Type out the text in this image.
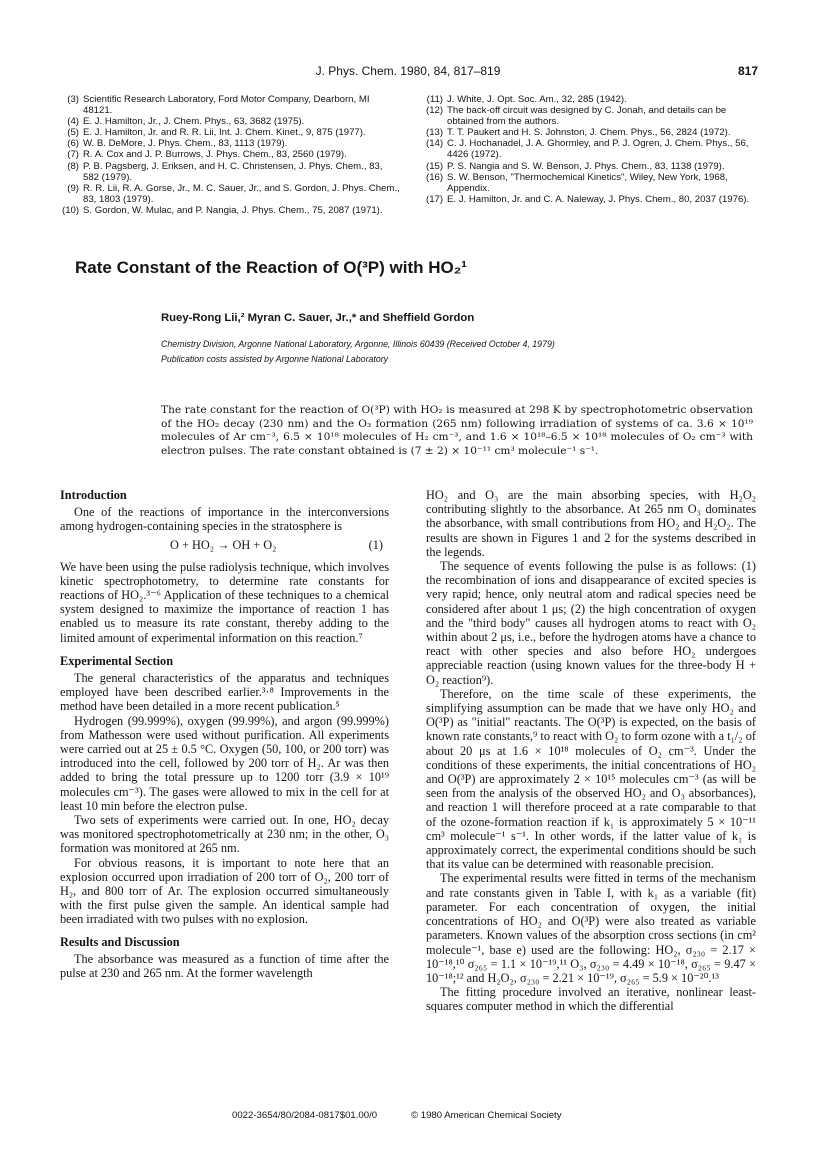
J. Phys. Chem. 1980, 84, 817–819	817
(3) Scientific Research Laboratory, Ford Motor Company, Dearborn, MI 48121.
(4) E. J. Hamilton, Jr., J. Chem. Phys., 63, 3682 (1975).
(5) E. J. Hamilton, Jr. and R. R. Lii, Int. J. Chem. Kinet., 9, 875 (1977).
(6) W. B. DeMore, J. Phys. Chem., 83, 1113 (1979).
(7) R. A. Cox and J. P. Burrows, J. Phys. Chem., 83, 2560 (1979).
(8) P. B. Pagsberg, J. Eriksen, and H. C. Christensen, J. Phys. Chem., 83, 582 (1979).
(9) R. R. Lii, R. A. Gorse, Jr., M. C. Sauer, Jr., and S. Gordon, J. Phys. Chem., 83, 1803 (1979).
(10) S. Gordon, W. Mulac, and P. Nangia, J. Phys. Chem., 75, 2087 (1971).
(11) J. White, J. Opt. Soc. Am., 32, 285 (1942).
(12) The back-off circuit was designed by C. Jonah, and details can be obtained from the authors.
(13) T. T. Paukert and H. S. Johnston, J. Chem. Phys., 56, 2824 (1972).
(14) C. J. Hochanadel, J. A. Ghormley, and P. J. Ogren, J. Chem. Phys., 56, 4426 (1972).
(15) P. S. Nangia and S. W. Benson, J. Phys. Chem., 83, 1138 (1979).
(16) S. W. Benson, "Thermochemical Kinetics", Wiley, New York, 1968, Appendix.
(17) E. J. Hamilton, Jr. and C. A. Naleway, J. Phys. Chem., 80, 2037 (1976).
Rate Constant of the Reaction of O(³P) with HO₂¹
Ruey-Rong Lii,² Myran C. Sauer, Jr.,* and Sheffield Gordon
Chemistry Division, Argonne National Laboratory, Argonne, Illinois 60439 (Received October 4, 1979)
Publication costs assisted by Argonne National Laboratory
The rate constant for the reaction of O(³P) with HO₂ is measured at 298 K by spectrophotometric observation of the HO₂ decay (230 nm) and the O₃ formation (265 nm) following irradiation of systems of ca. 3.6 × 10¹⁹ molecules of Ar cm⁻³, 6.5 × 10¹⁸ molecules of H₂ cm⁻³, and 1.6 × 10¹⁸–6.5 × 10¹⁸ molecules of O₂ cm⁻³ with electron pulses. The rate constant obtained is (7 ± 2) × 10⁻¹¹ cm³ molecule⁻¹ s⁻¹.
Introduction

One of the reactions of importance in the interconversions among hydrogen-containing species in the stratosphere is

O + HO₂ → OH + O₂	(1)

We have been using the pulse radiolysis technique, which involves kinetic spectrophotometry, to determine rate constants for reactions of HO₂.³⁻⁶ Application of these techniques to a chemical system designed to maximize the importance of reaction 1 has enabled us to measure its rate constant, thereby adding to the limited amount of experimental information on this reaction.⁷

Experimental Section

The general characteristics of the apparatus and techniques employed have been described earlier.³·⁸ Improvements in the method have been detailed in a more recent publication.⁵

Hydrogen (99.999%), oxygen (99.99%), and argon (99.999%) from Mathesson were used without purification. All experiments were carried out at 25 ± 0.5 °C. Oxygen (50, 100, or 200 torr) was introduced into the cell, followed by 200 torr of H₂. Ar was then added to bring the total pressure up to 1200 torr (3.9 × 10¹⁹ molecules cm⁻³). The gases were allowed to mix in the cell for at least 10 min before the electron pulse.

Two sets of experiments were carried out. In one, HO₂ decay was monitored spectrophotometrically at 230 nm; in the other, O₃ formation was monitored at 265 nm.

For obvious reasons, it is important to note here that an explosion occurred upon irradiation of 200 torr of O₂, 200 torr of H₂, and 800 torr of Ar. The explosion occurred simultaneously with the first pulse given the sample. An identical sample had been irradiated with two pulses with no explosion.

Results and Discussion

The absorbance was measured as a function of time after the pulse at 230 and 265 nm. At the former wavelength

HO₂ and O₃ are the main absorbing species, with H₂O₂ contributing slightly to the absorbance. At 265 nm O₃ dominates the absorbance, with small contributions from HO₂ and H₂O₂. The results are shown in Figures 1 and 2 for the systems described in the legends.

The sequence of events following the pulse is as follows: (1) the recombination of ions and disappearance of excited species is very rapid; hence, only neutral atom and radical species need be considered after about 1 μs; (2) the high concentration of oxygen and the "third body" causes all hydrogen atoms to react with O₂ within about 2 μs, i.e., before the hydrogen atoms have a chance to react with other species and also before HO₂ undergoes appreciable reaction (using known values for the three-body H + O₂ reaction⁹).

Therefore, on the time scale of these experiments, the simplifying assumption can be made that we have only HO₂ and O(³P) as "initial" reactants. The O(³P) is expected, on the basis of known rate constants,⁹ to react with O₂ to form ozone with a t₁/₂ of about 20 μs at 1.6 × 10¹⁸ molecules of O₂ cm⁻³. Under the conditions of these experiments, the initial concentrations of HO₂ and O(³P) are approximately 2 × 10¹⁵ molecules cm⁻³ (as will be seen from the analysis of the observed HO₂ and O₃ absorbances), and reaction 1 will therefore proceed at a rate comparable to that of the ozone-formation reaction if k₁ is approximately 5 × 10⁻¹¹ cm³ molecule⁻¹ s⁻¹. In other words, if the latter value of k₁ is approximately correct, the experimental conditions should be such that its value can be determined with reasonable precision.

The experimental results were fitted in terms of the mechanism and rate constants given in Table I, with k₁ as a variable (fit) parameter. For each concentration of oxygen, the initial concentrations of HO₂ and O(³P) were also treated as variable parameters. Known values of the absorption cross sections (in cm² molecule⁻¹, base e) used are the following: HO₂, σ₂₃₀ = 2.17 × 10⁻¹⁸,¹⁰ σ₂₆₅ = 1.1 × 10⁻¹⁹,¹¹ O₃, σ₂₃₀ = 4.49 × 10⁻¹⁸, σ₂₆₅ = 9.47 × 10⁻¹⁸;¹² and H₂O₂, σ₂₃₀ = 2.21 × 10⁻¹⁹, σ₂₆₅ = 5.9 × 10⁻²⁰.¹³

The fitting procedure involved an iterative, nonlinear least-squares computer method in which the differential

0022-3654/80/2084-0817$01.00/0	© 1980 American Chemical Society
